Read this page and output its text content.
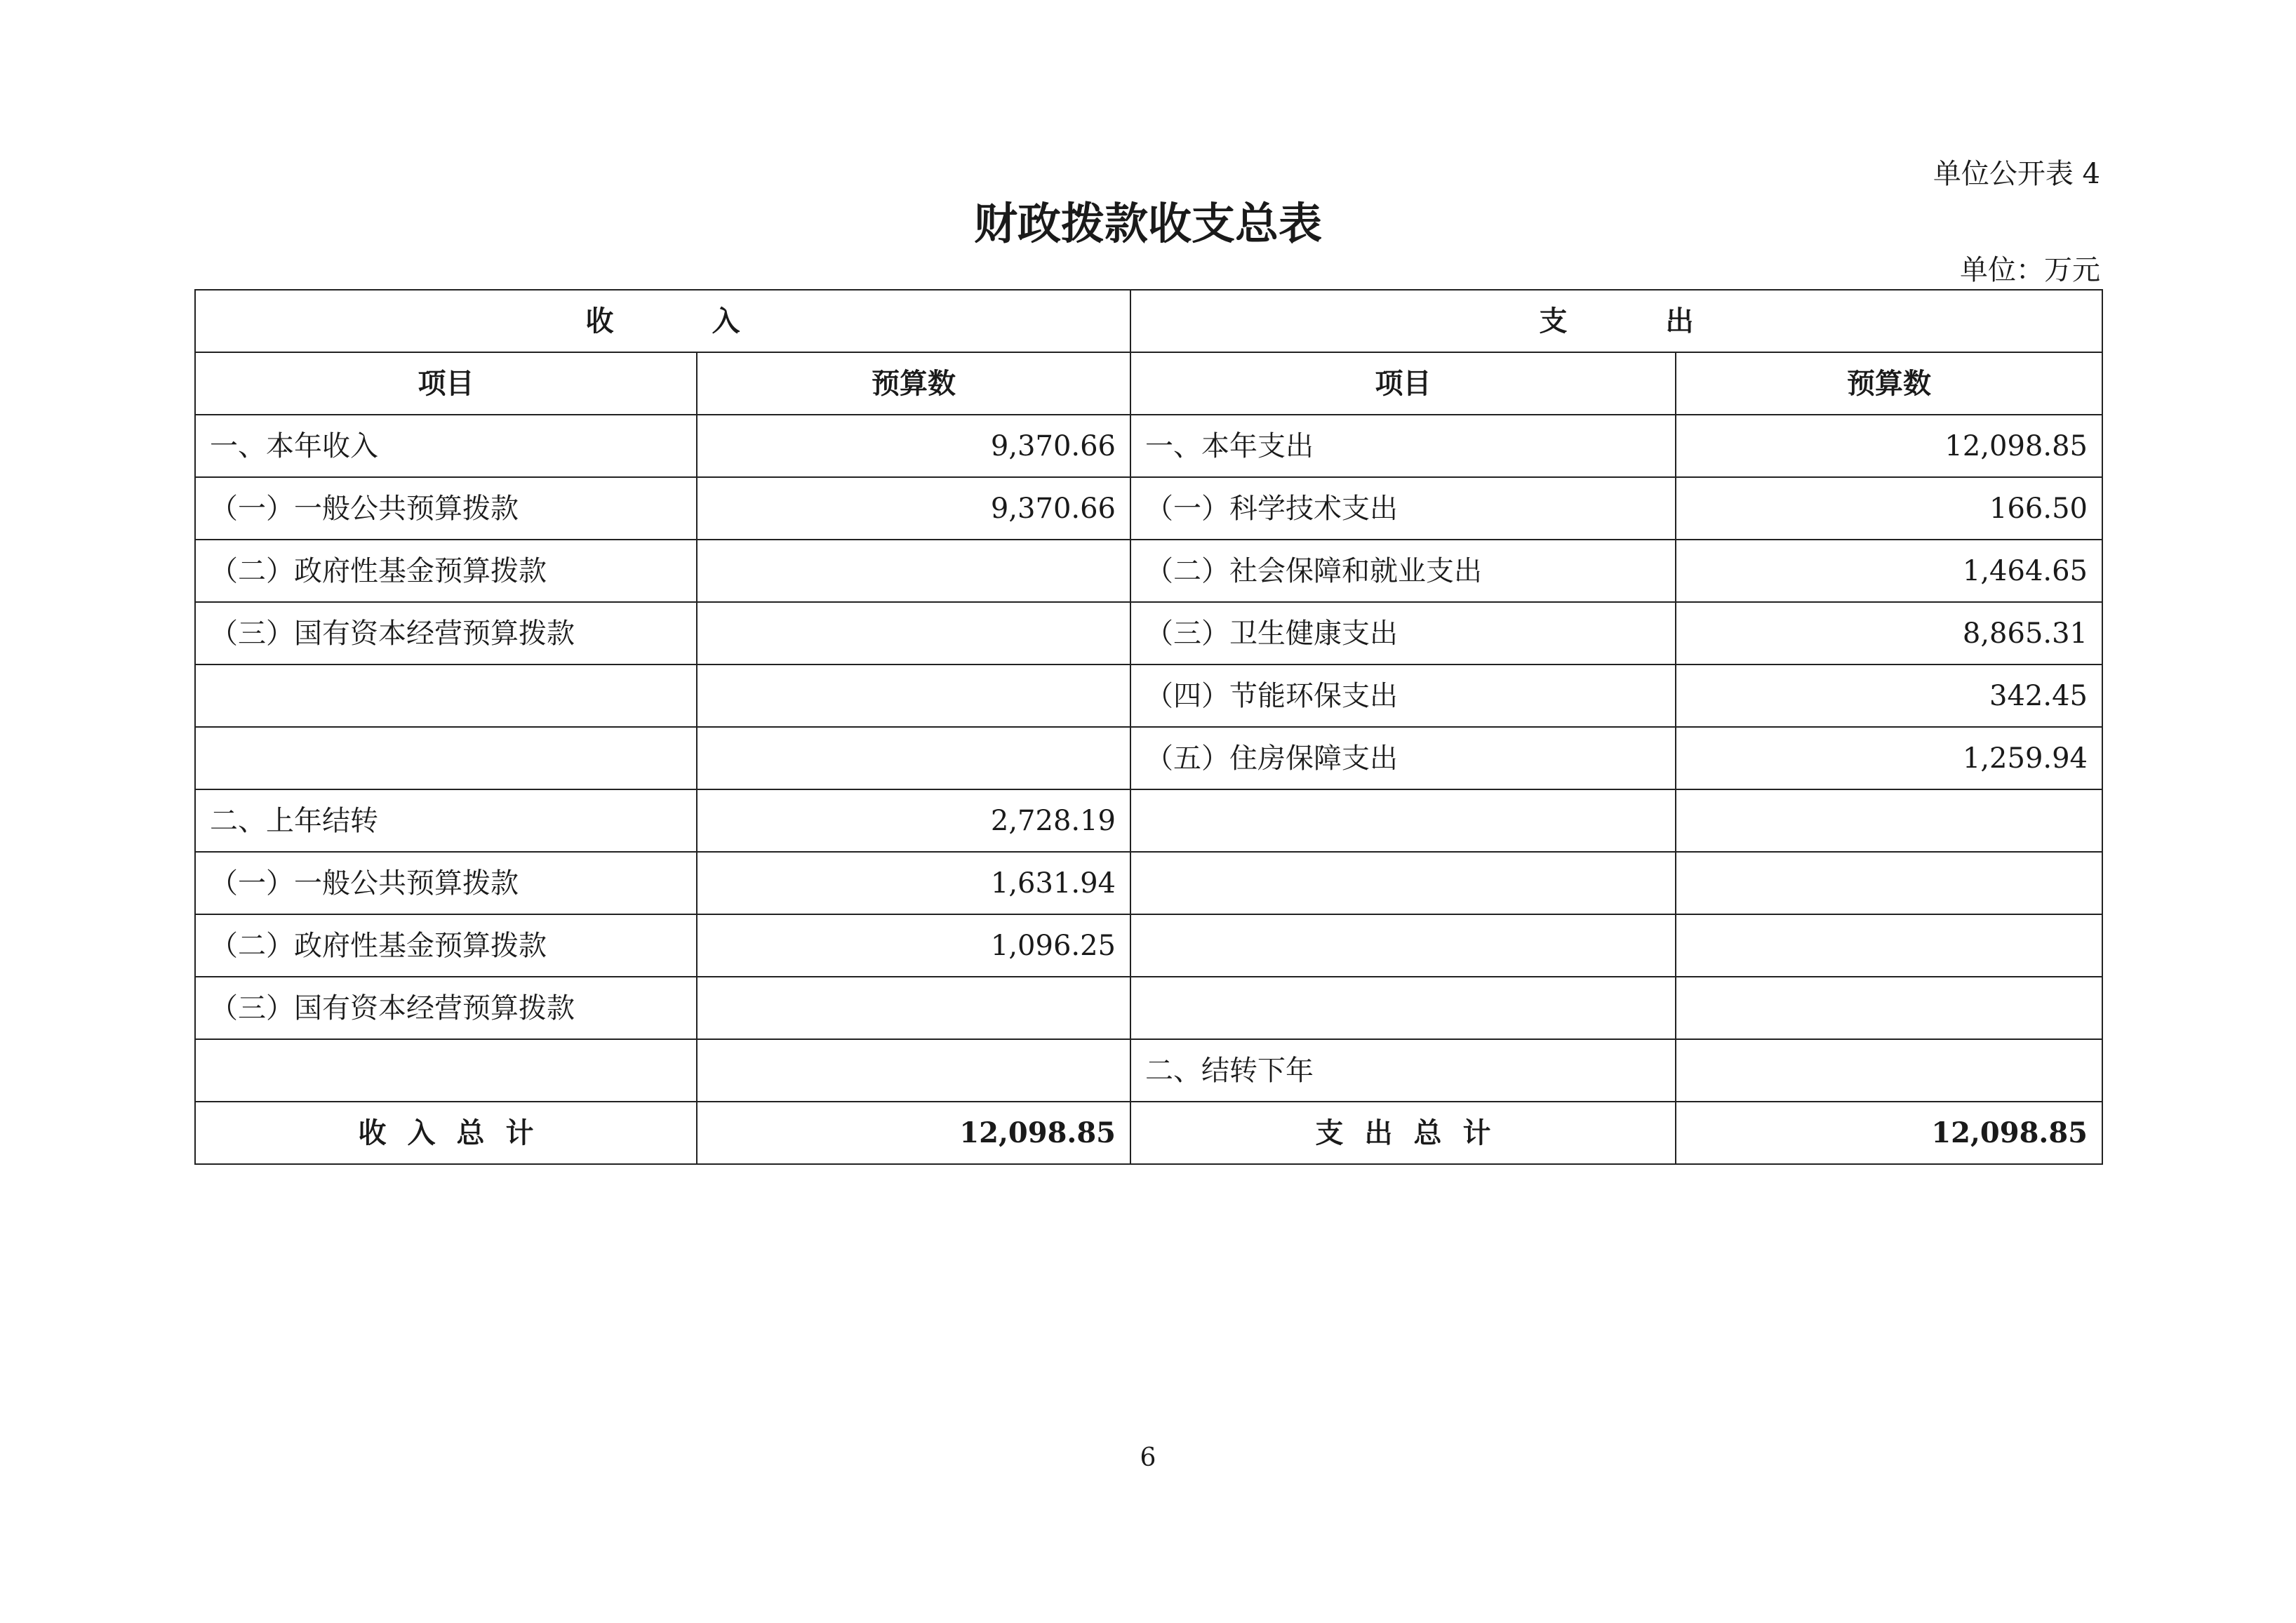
单位公开表 4
财政拨款收支总表
单位：万元
收入		支出	
项目	预算数	项目	预算数
一、本年收入	9,370.66	一、本年支出	12,098.85
（一）一般公共预算拨款	9,370.66	（一）科学技术支出	166.50
（二）政府性基金预算拨款		（二）社会保障和就业支出	1,464.65
（三）国有资本经营预算拨款		（三）卫生健康支出	8,865.31
		（四）节能环保支出	342.45
		（五）住房保障支出	1,259.94
二、上年结转	2,728.19		
（一）一般公共预算拨款	1,631.94		
（二）政府性基金预算拨款	1,096.25		
（三）国有资本经营预算拨款			
		二、结转下年	
收入总计	12,098.85	支出总计	12,098.85
6
